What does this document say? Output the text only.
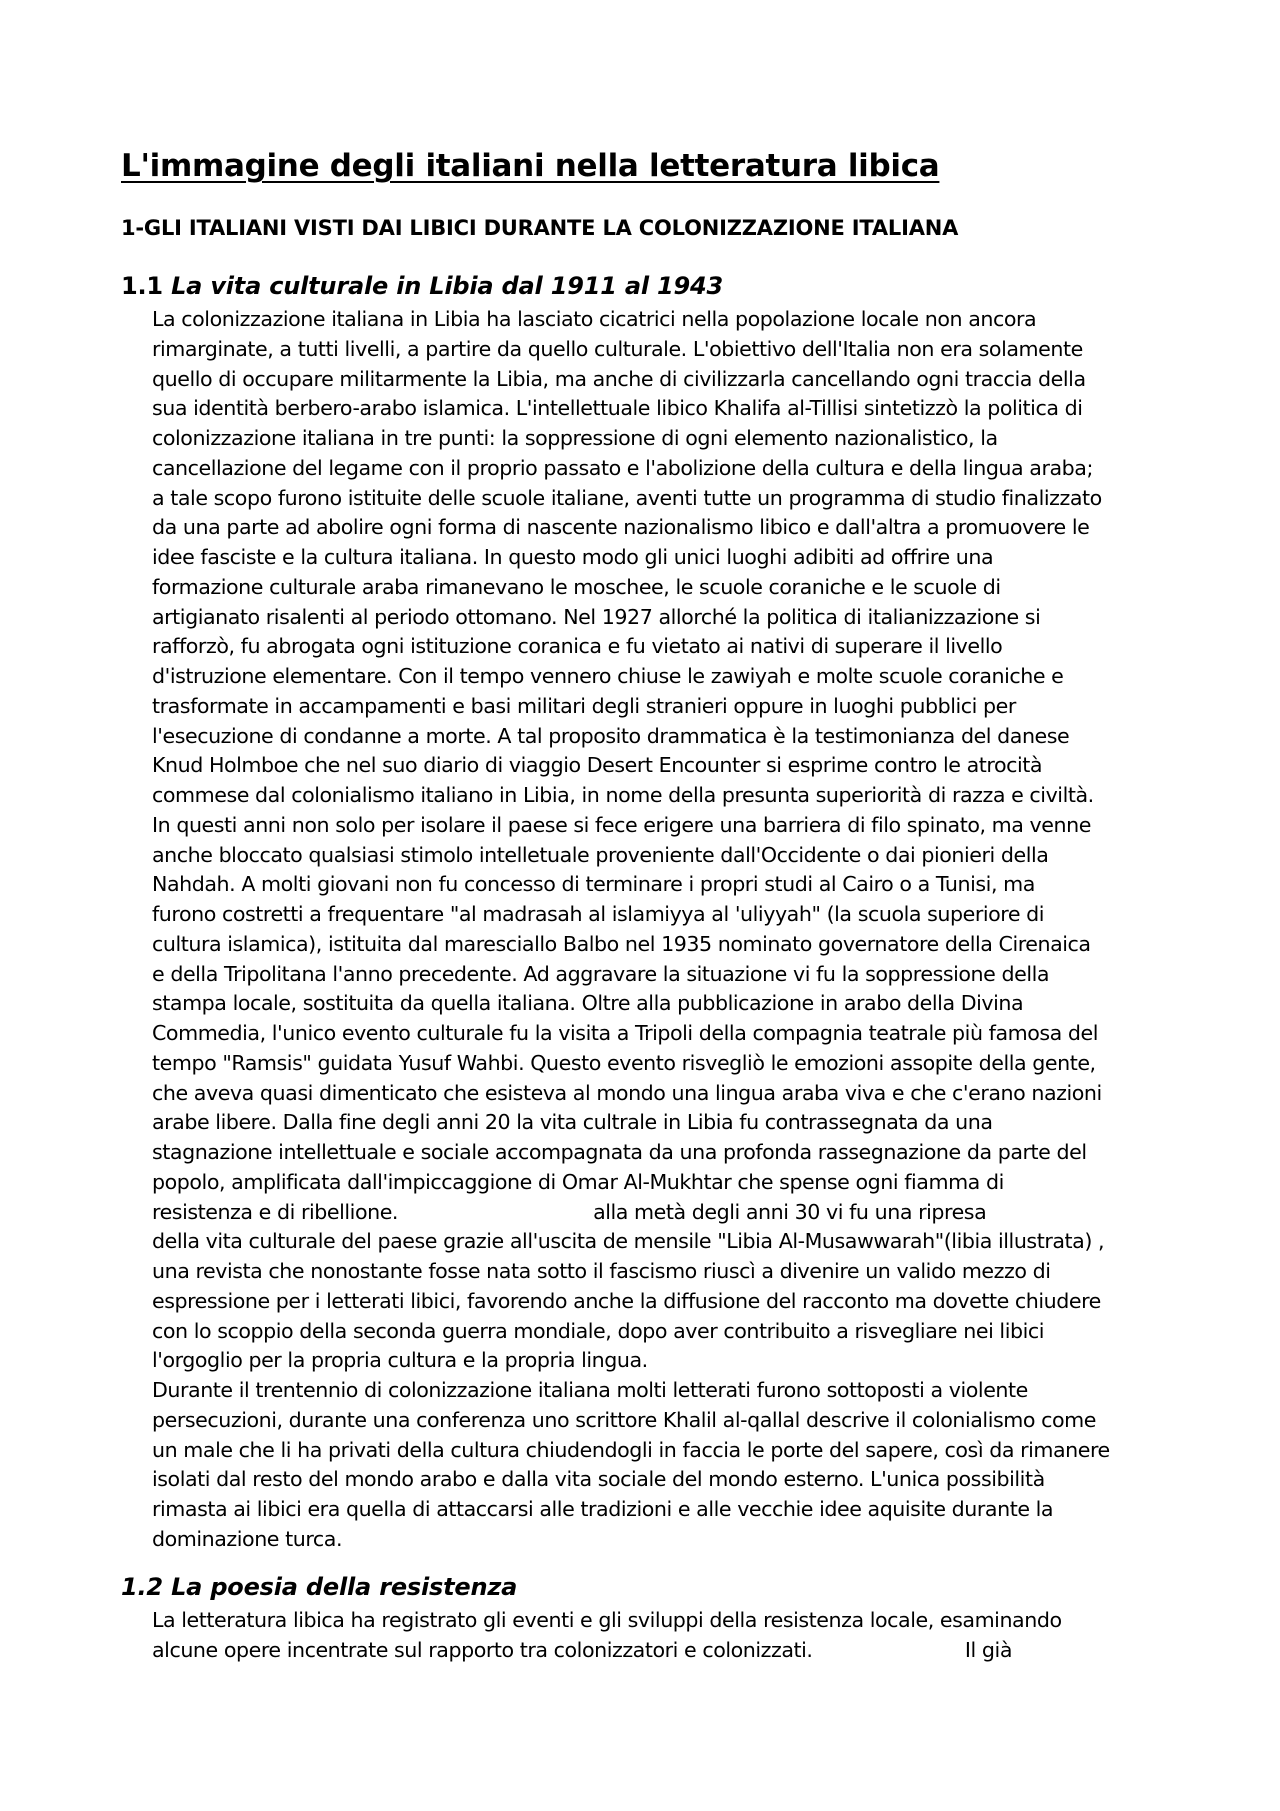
L'immagine degli italiani nella letteratura libica
1-GLI ITALIANI VISTI DAI LIBICI DURANTE LA COLONIZZAZIONE ITALIANA
1.1 La vita culturale in Libia dal 1911 al 1943
La colonizzazione italiana in Libia ha lasciato cicatrici nella popolazione locale non ancora
rimarginate, a tutti livelli, a partire da quello culturale. L'obiettivo dell'Italia non era solamente
quello di occupare militarmente la Libia, ma anche di civilizzarla cancellando ogni traccia della
sua identità berbero-arabo islamica. L'intellettuale libico Khalifa al-Tillisi sintetizzò la politica di
colonizzazione italiana in tre punti: la soppressione di ogni elemento nazionalistico, la
cancellazione del legame con il proprio passato e l'abolizione della cultura e della lingua araba;
a tale scopo furono istituite delle scuole italiane, aventi tutte un programma di studio finalizzato
da una parte ad abolire ogni forma di nascente nazionalismo libico e dall'altra a promuovere le
idee fasciste e la cultura italiana. In questo modo gli unici luoghi adibiti ad offrire una
formazione culturale araba rimanevano le moschee, le scuole coraniche e le scuole di
artigianato risalenti al periodo ottomano. Nel 1927 allorché la politica di italianizzazione si
rafforzò, fu abrogata ogni istituzione coranica e fu vietato ai nativi di superare il livello
d'istruzione elementare. Con il tempo vennero chiuse le zawiyah e molte scuole coraniche e
trasformate in accampamenti e basi militari degli stranieri oppure in luoghi pubblici per
l'esecuzione di condanne a morte. A tal proposito drammatica è la testimonianza del danese
Knud Holmboe che nel suo diario di viaggio Desert Encounter si esprime contro le atrocità
commese dal colonialismo italiano in Libia, in nome della presunta superiorità di razza e civiltà.
In questi anni non solo per isolare il paese si fece erigere una barriera di filo spinato, ma venne
anche bloccato qualsiasi stimolo intelletuale proveniente dall'Occidente o dai pionieri della
Nahdah. A molti giovani non fu concesso di terminare i propri studi al Cairo o a Tunisi, ma
furono costretti a frequentare "al madrasah al islamiyya al 'uliyyah" (la scuola superiore di
cultura islamica), istituita dal maresciallo Balbo nel 1935 nominato governatore della Cirenaica
e della Tripolitana l'anno precedente. Ad aggravare la situazione vi fu la soppressione della
stampa locale, sostituita da quella italiana. Oltre alla pubblicazione in arabo della Divina
Commedia, l'unico evento culturale fu la visita a Tripoli della compagnia teatrale più famosa del
tempo "Ramsis" guidata Yusuf Wahbi. Questo evento risvegliò le emozioni assopite della gente,
che aveva quasi dimenticato che esisteva al mondo una lingua araba viva e che c'erano nazioni
arabe libere. Dalla fine degli anni 20 la vita cultrale in Libia fu contrassegnata da una
stagnazione intellettuale e sociale accompagnata da una profonda rassegnazione da parte del
popolo, amplificata dall'impiccaggione di Omar Al-Mukhtar che spense ogni fiamma di
resistenza e di ribellione.                                alla metà degli anni 30 vi fu una ripresa
della vita culturale del paese grazie all'uscita de mensile "Libia Al-Musawwarah"(libia illustrata) ,
una revista che nonostante fosse nata sotto il fascismo riuscì a divenire un valido mezzo di
espressione per i letterati libici, favorendo anche la diffusione del racconto ma dovette chiudere
con lo scoppio della seconda guerra mondiale, dopo aver contribuito a risvegliare nei libici
l'orgoglio per la propria cultura e la propria lingua.
Durante il trentennio di colonizzazione italiana molti letterati furono sottoposti a violente
persecuzioni, durante una conferenza uno scrittore Khalil al-qallal descrive il colonialismo come
un male che li ha privati della cultura chiudendogli in faccia le porte del sapere, così da rimanere
isolati dal resto del mondo arabo e dalla vita sociale del mondo esterno. L'unica possibilità
rimasta ai libici era quella di attaccarsi alle tradizioni e alle vecchie idee aquisite durante la
dominazione turca.
1.2 La poesia della resistenza
La letteratura libica ha registrato gli eventi e gli sviluppi della resistenza locale, esaminando
alcune opere incentrate sul rapporto tra colonizzatori e colonizzati.                         Il già
